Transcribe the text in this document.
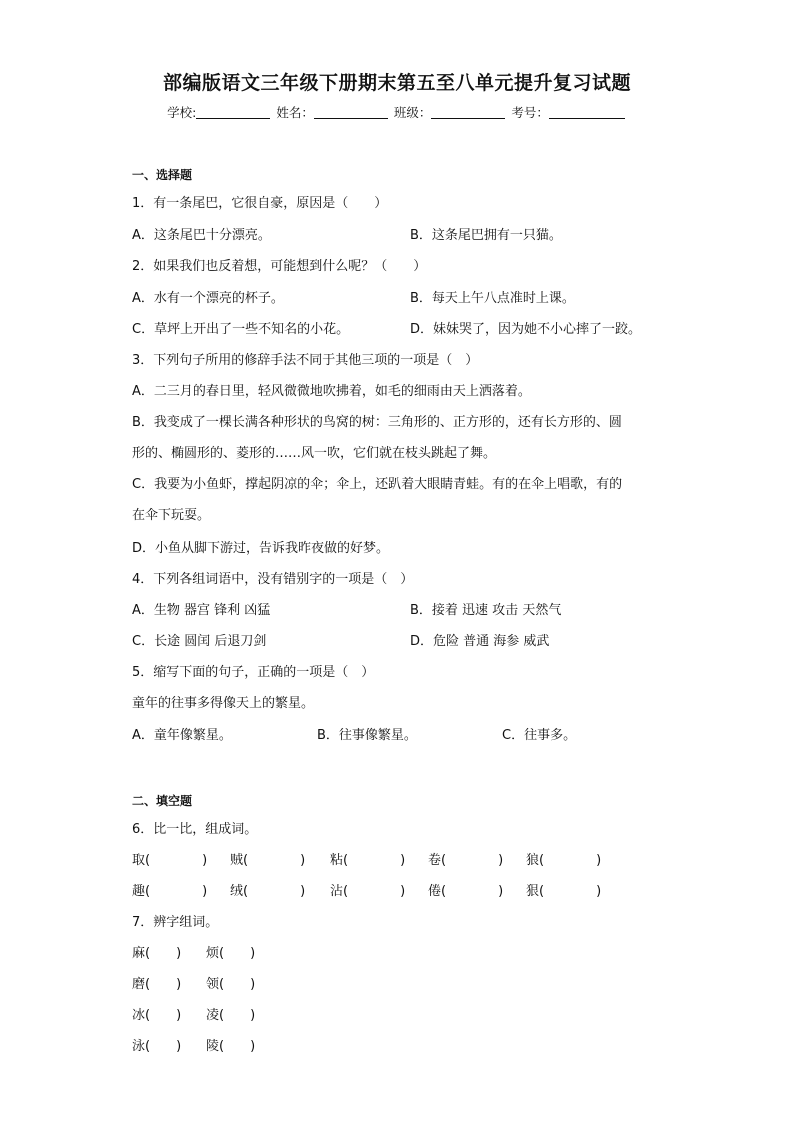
部编版语文三年级下册期末第五至八单元提升复习试题
学校:	姓名：	班级：	考号：
一、选择题
1．有一条尾巴，它很自豪，原因是（　　）
A．这条尾巴十分漂亮。	B．这条尾巴拥有一只猫。
2．如果我们也反着想，可能想到什么呢？（　　）
A．水有一个漂亮的杯子。	B．每天上午八点准时上课。
C．草坪上开出了一些不知名的小花。	D．妹妹哭了，因为她不小心摔了一跤。
3．下列句子所用的修辞手法不同于其他三项的一项是（　）
A．二三月的春日里，轻风微微地吹拂着，如毛的细雨由天上洒落着。
B．我变成了一棵长满各种形状的鸟窝的树：三角形的、正方形的，还有长方形的、圆
形的、椭圆形的、菱形的……风一吹，它们就在枝头跳起了舞。
C．我要为小鱼虾，撑起阴凉的伞；伞上，还趴着大眼睛青蛙。有的在伞上唱歌，有的
在伞下玩耍。
D．小鱼从脚下游过，告诉我昨夜做的好梦。
4．下列各组词语中，没有错别字的一项是（　）
A．生物 器宫 锋利 凶猛	B．接着 迅速 攻击 天然气
C．长途 圆闰 后退刀剑	D．危险 普通 海参 威武
5．缩写下面的句子，正确的一项是（　）
童年的往事多得像天上的繁星。
A．童年像繁星。	B．往事像繁星。	C．往事多。
二、填空题
6．比一比，组成词。
取(　　　　) 贼(　　　　) 粘(　　　　) 卷(　　　　) 狼(　　　　)
趣(　　　　) 绒(　　　　) 沾(　　　　) 倦(　　　　) 狠(　　　　)
7．辨字组词。
麻(　　) 烦(　　)
磨(　　) 领(　　)
冰(　　) 凌(　　)
泳(　　) 陵(　　)
